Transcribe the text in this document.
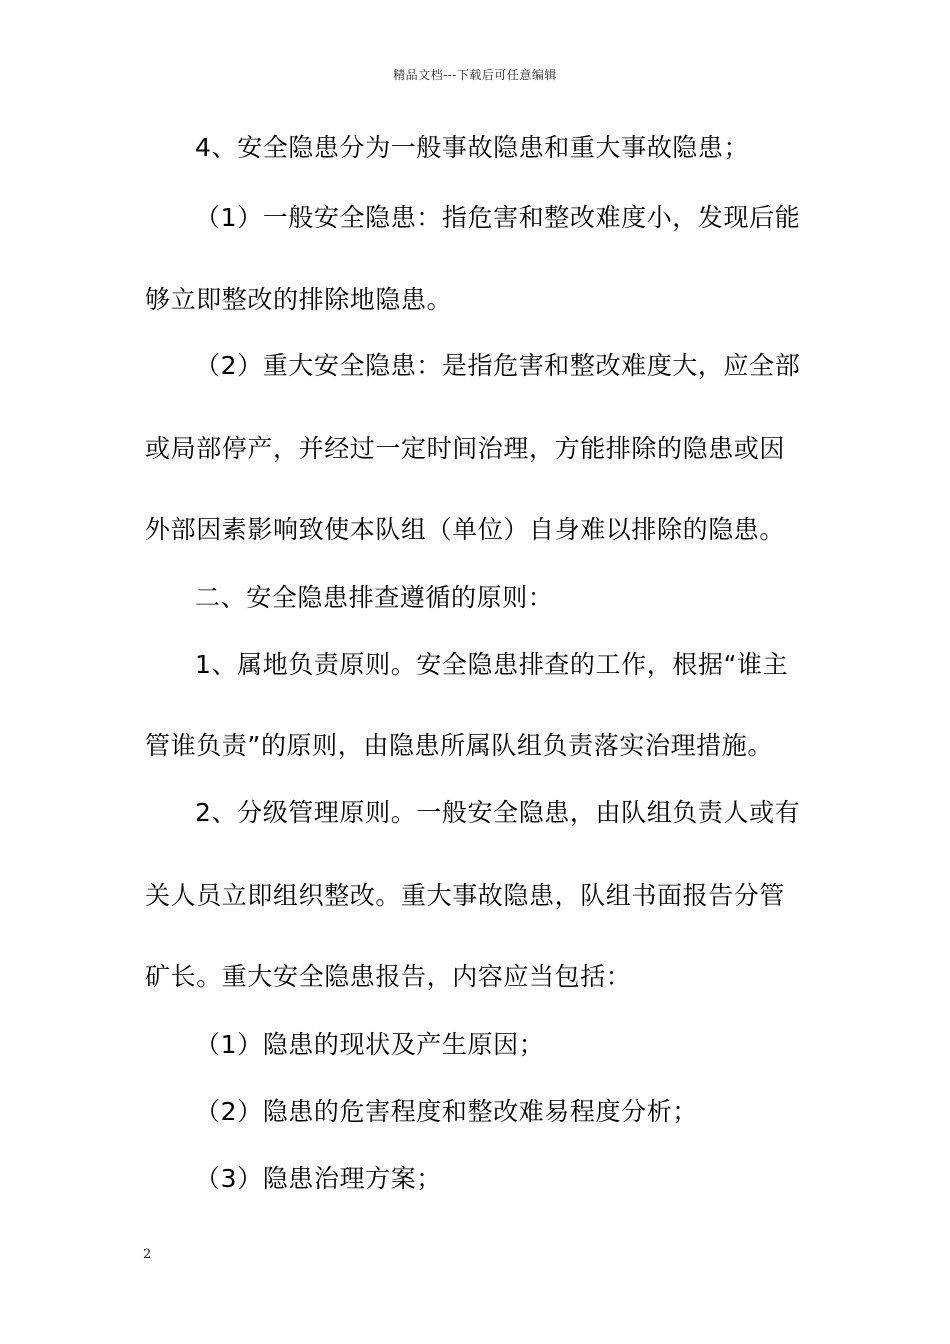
精品文档---下载后可任意编辑
4、安全隐患分为一般事故隐患和重大事故隐患；
（1）一般安全隐患：指危害和整改难度小，发现后能
够立即整改的排除地隐患。
（2）重大安全隐患：是指危害和整改难度大，应全部
或局部停产，并经过一定时间治理，方能排除的隐患或因
外部因素影响致使本队组（单位）自身难以排除的隐患。
二、安全隐患排查遵循的原则：
1、属地负责原则。安全隐患排查的工作，根据“谁主
管谁负责”的原则，由隐患所属队组负责落实治理措施。
2、分级管理原则。一般安全隐患，由队组负责人或有
关人员立即组织整改。重大事故隐患，队组书面报告分管
矿长。重大安全隐患报告，内容应当包括：
（1）隐患的现状及产生原因；
（2）隐患的危害程度和整改难易程度分析；
（3）隐患治理方案；
2
